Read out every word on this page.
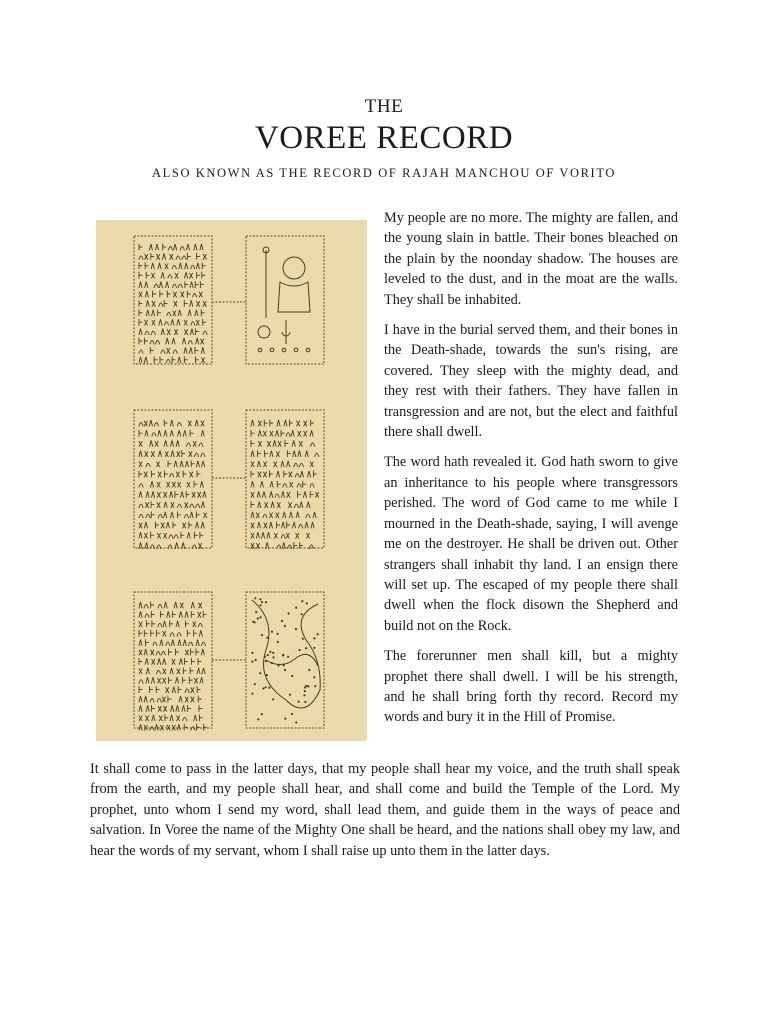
THE
VOREE RECORD
ALSO KNOWN AS THE RECORD OF RAJAH MANCHOU OF VORITO

My people are no more. The mighty are fallen, and the young slain in battle. Their bones bleached on the plain by the noonday shadow. The houses are leveled to the dust, and in the moat are the walls. They shall be inhabited.

I have in the burial served them, and their bones in the Death-shade, towards the sun's rising, are covered. They sleep with the mighty dead, and they rest with their fathers. They have fallen in transgression and are not, but the elect and faithful there shall dwell.

The word hath revealed it. God hath sworn to give an inheritance to his people where transgressors perished. The word of God came to me while I mourned in the Death-shade, saying, I will avenge me on the destroyer. He shall be driven out. Other strangers shall inhabit thy land. I an ensign there will set up. The escaped of my people there shall dwell when the flock disown the Shepherd and build not on the Rock.

The forerunner men shall kill, but a mighty prophet there shall dwell. I will be his strength, and he shall bring forth thy record. Record my words and bury it in the Hill of Promise.

It shall come to pass in the latter days, that my people shall hear my voice, and the truth shall speak from the earth, and my people shall hear, and shall come and build the Temple of the Lord. My prophet, unto whom I send my word, shall lead them, and guide them in the ways of peace and salvation. In Voree the name of the Mighty One shall be heard, and the nations shall obey my law, and hear the words of my servant, whom I shall raise up unto them in the latter days.
